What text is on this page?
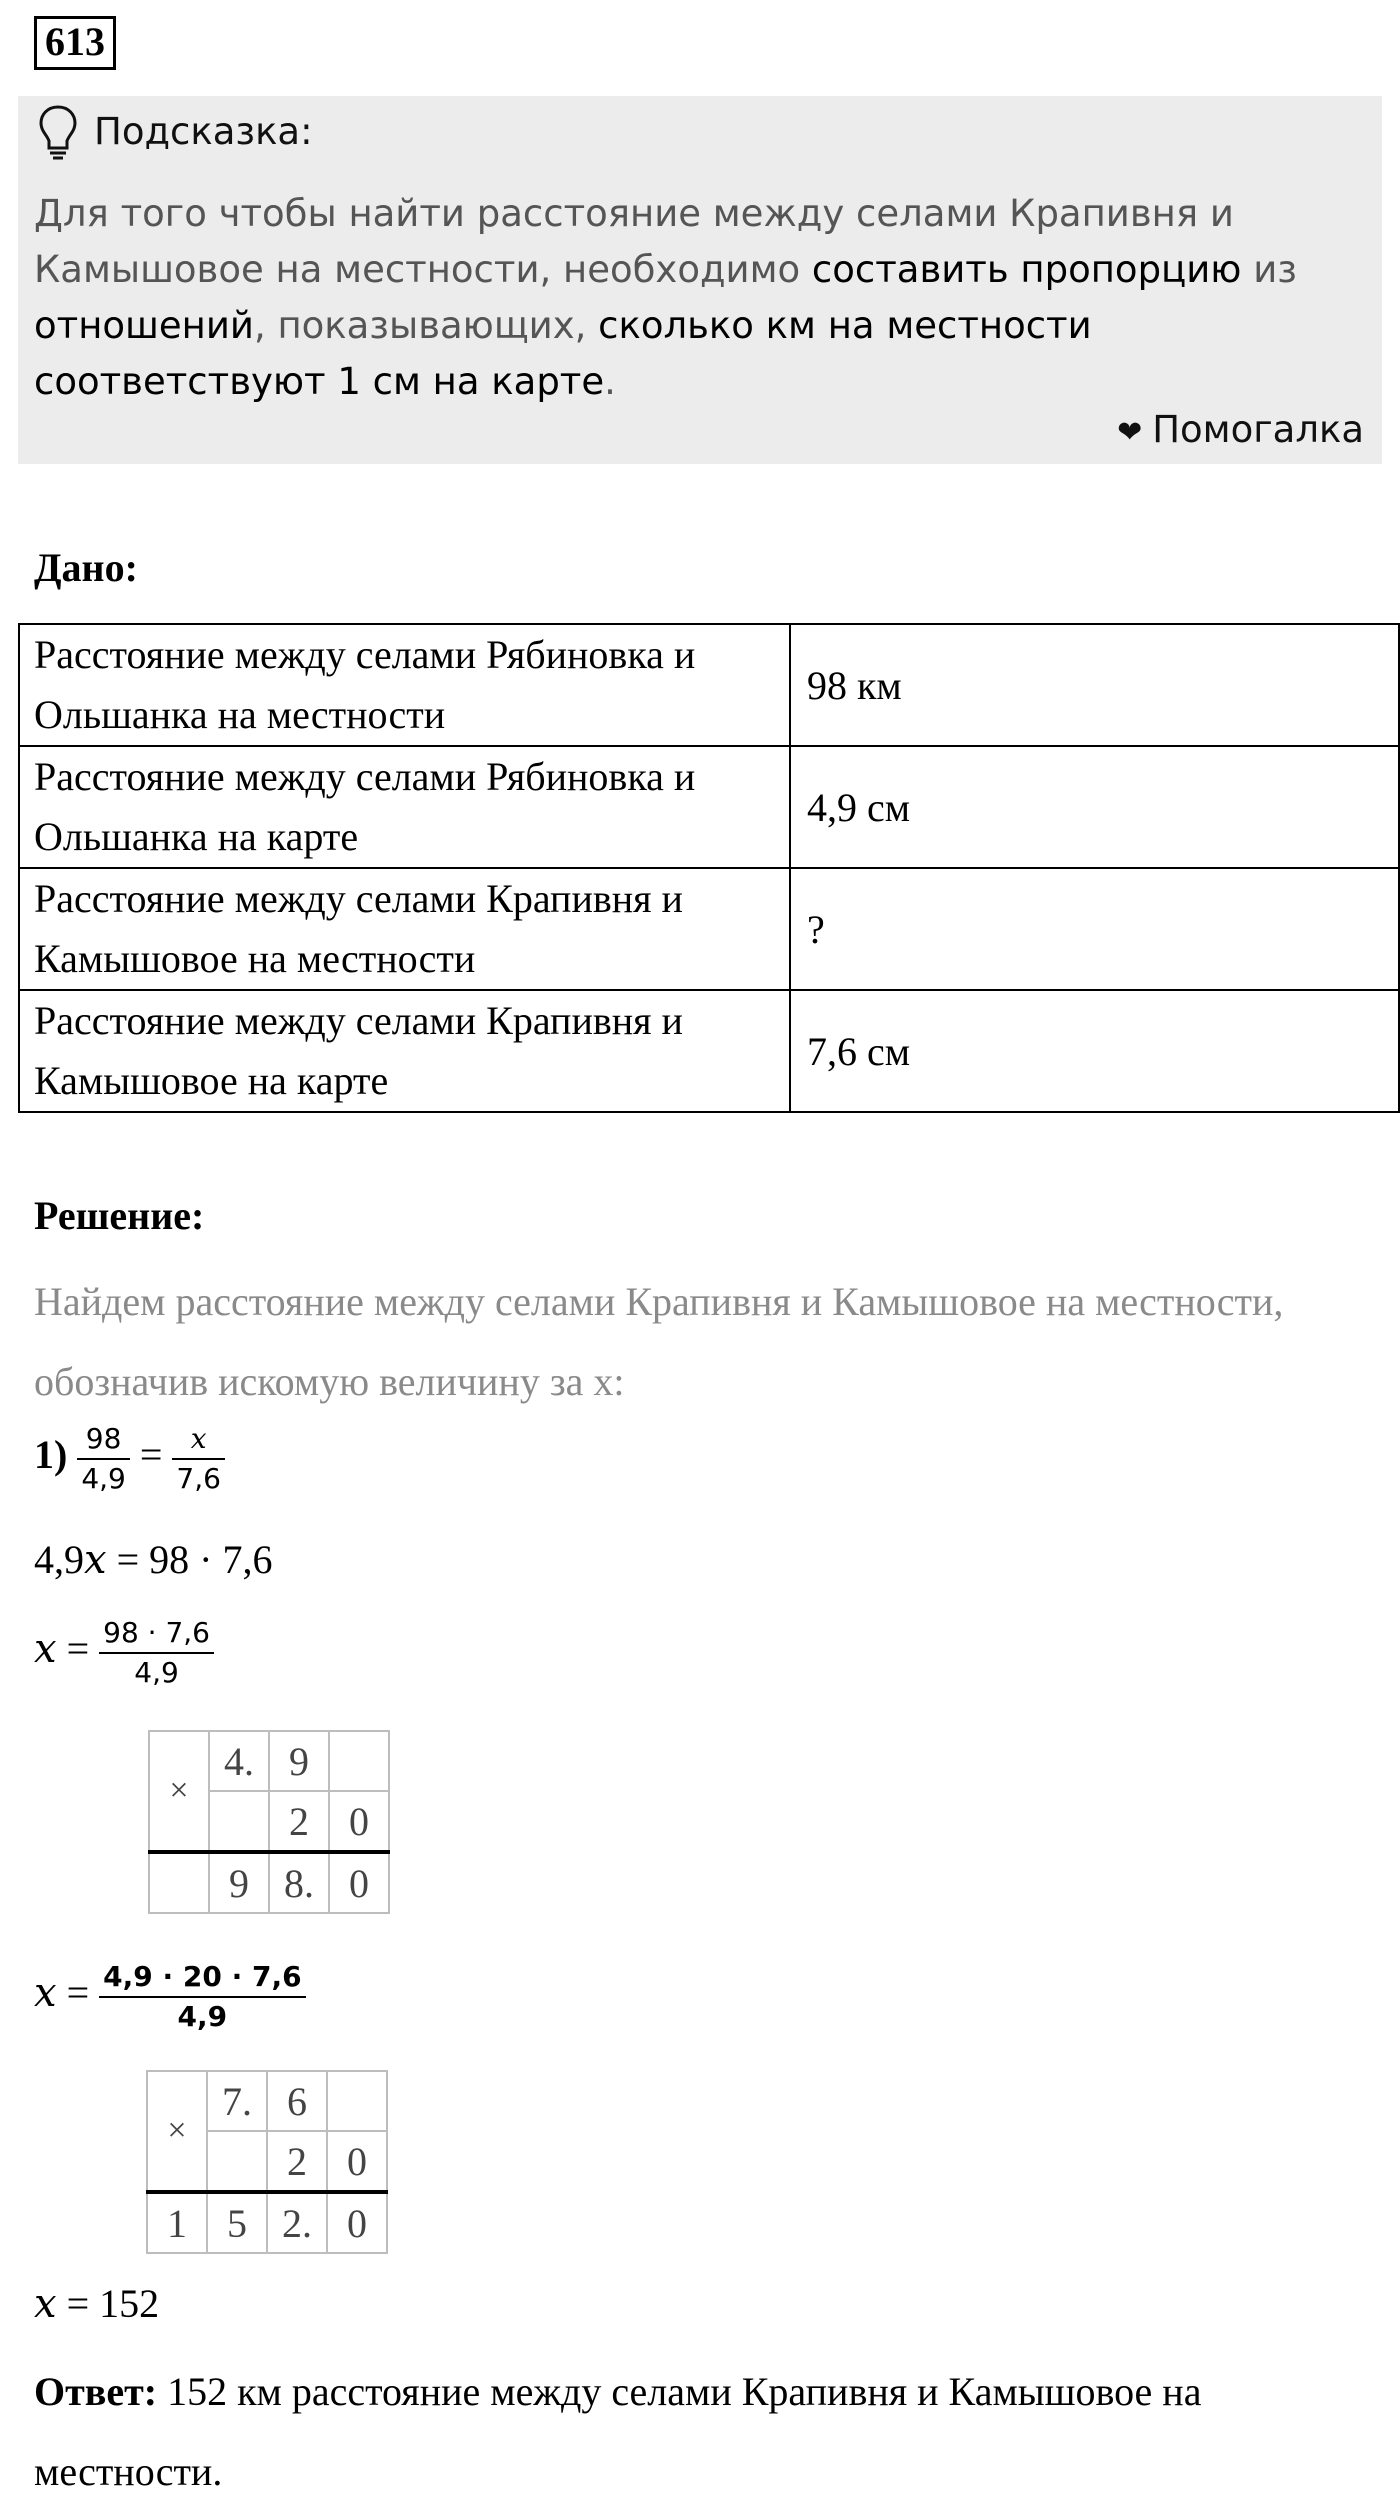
613
Подсказка:
Для того чтобы найти расстояние между селами Крапивня и Камышовое на местности, необходимо составить пропорцию из отношений, показывающих, сколько км на местности соответствуют 1 см на карте.
❤ Помогалка
Дано:
Расстояние между селами Рябиновка и Ольшанка на местности	98 км
Расстояние между селами Рябиновка и Ольшанка на карте	4,9 см
Расстояние между селами Крапивня и Камышовое на местности	?
Расстояние между селами Крапивня и Камышовое на карте	7,6 см
Решение:
Найдем расстояние между селами Крапивня и Камышовое на местности, обозначив искомую величину за x:
$1) \frac{98}{4,9} = \frac{x}{7,6}$
4,9x = 98 · 7,6
$x = \frac{98 \cdot 7,6}{4,9}$
×	4.	9	
		2	0
	9	8.	0
$x = \frac{4,9 \cdot 20 \cdot 7,6}{4,9}$
×	7.	6	
		2	0
1	5	2.	0
x = 152
Ответ: 152 км расстояние между селами Крапивня и Камышовое на местности.
